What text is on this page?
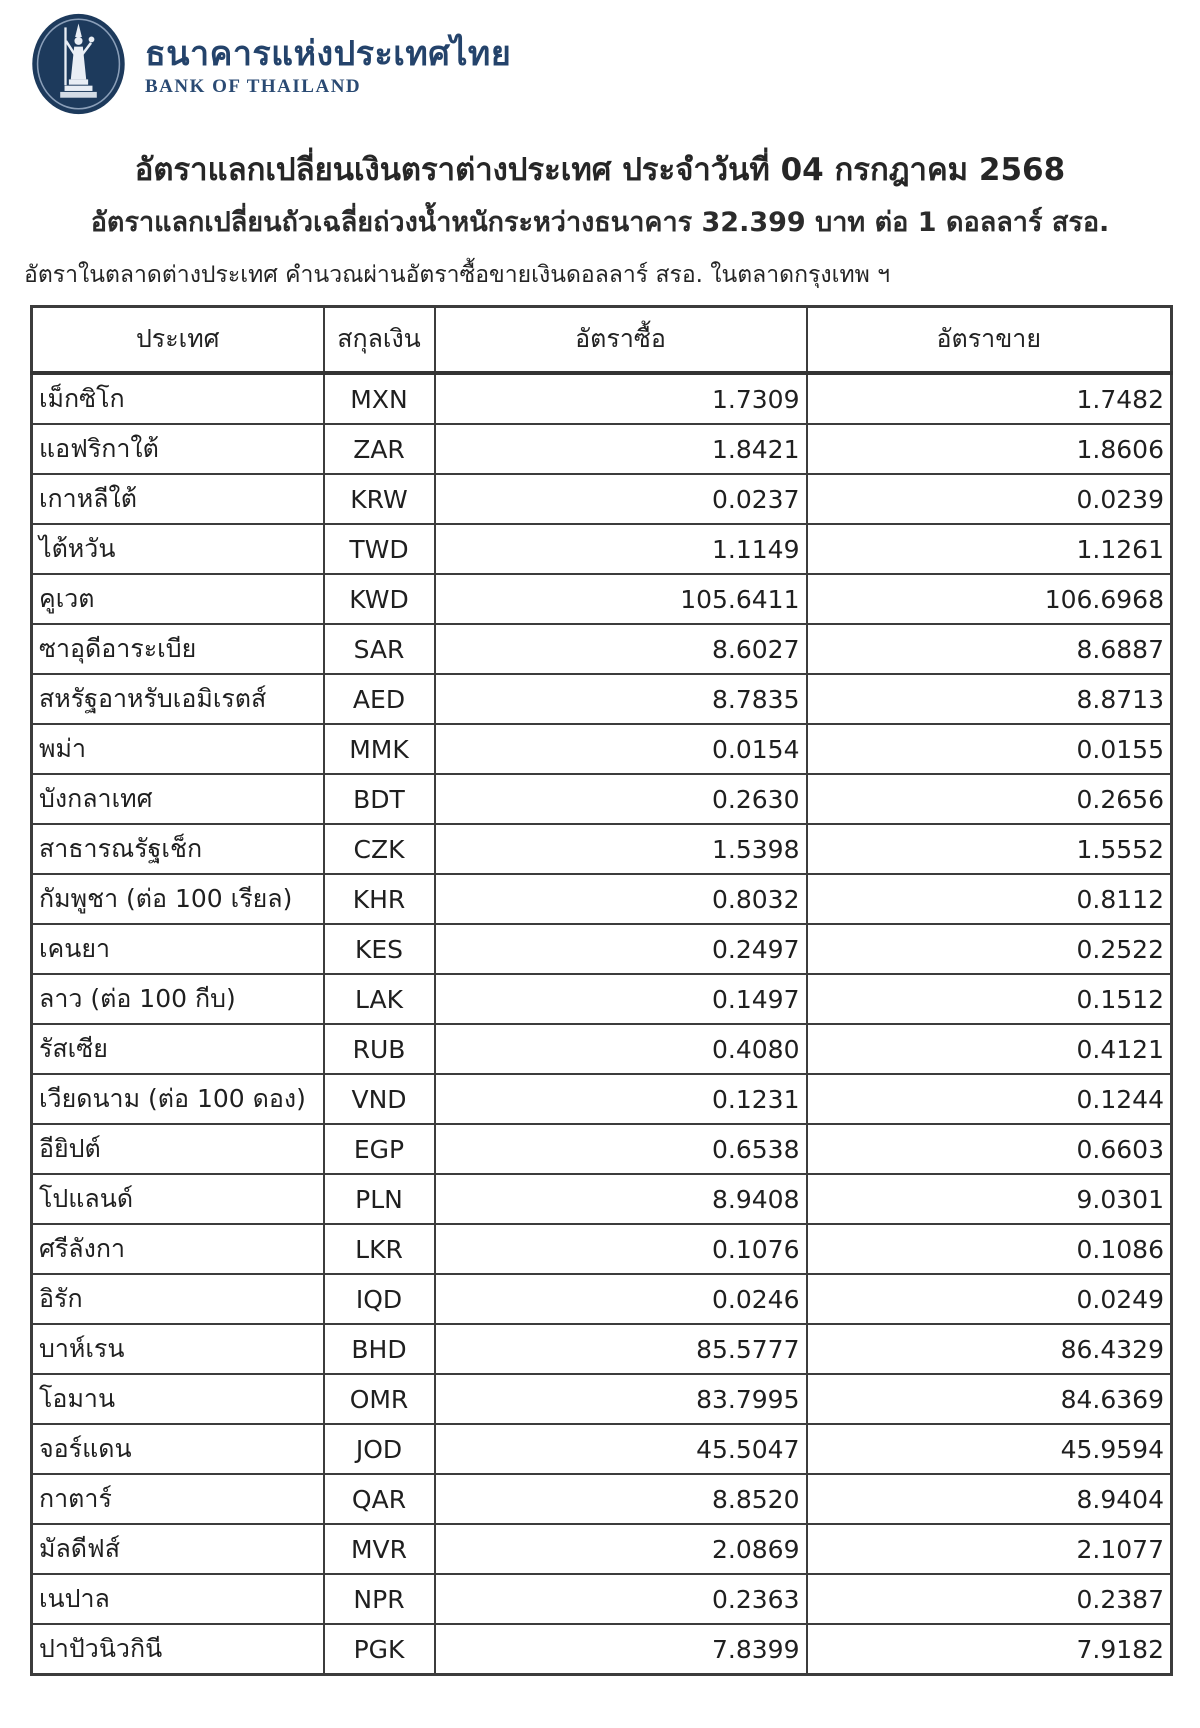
ธนาคารแห่งประเทศไทย
BANK OF THAILAND
อัตราแลกเปลี่ยนเงินตราต่างประเทศ ประจำวันที่ 04 กรกฎาคม 2568
อัตราแลกเปลี่ยนถัวเฉลี่ยถ่วงน้ำหนักระหว่างธนาคาร 32.399 บาท ต่อ 1 ดอลลาร์ สรอ.
อัตราในตลาดต่างประเทศ คำนวณผ่านอัตราซื้อขายเงินดอลลาร์ สรอ. ในตลาดกรุงเทพ ฯ
ประเทศ	สกุลเงิน	อัตราซื้อ	อัตราขาย
เม็กซิโก	MXN	1.7309	1.7482
แอฟริกาใต้	ZAR	1.8421	1.8606
เกาหลีใต้	KRW	0.0237	0.0239
ไต้หวัน	TWD	1.1149	1.1261
คูเวต	KWD	105.6411	106.6968
ซาอุดีอาระเบีย	SAR	8.6027	8.6887
สหรัฐอาหรับเอมิเรตส์	AED	8.7835	8.8713
พม่า	MMK	0.0154	0.0155
บังกลาเทศ	BDT	0.2630	0.2656
สาธารณรัฐเช็ก	CZK	1.5398	1.5552
กัมพูชา (ต่อ 100 เรียล)	KHR	0.8032	0.8112
เคนยา	KES	0.2497	0.2522
ลาว (ต่อ 100 กีบ)	LAK	0.1497	0.1512
รัสเซีย	RUB	0.4080	0.4121
เวียดนาม (ต่อ 100 ดอง)	VND	0.1231	0.1244
อียิปต์	EGP	0.6538	0.6603
โปแลนด์	PLN	8.9408	9.0301
ศรีลังกา	LKR	0.1076	0.1086
อิรัก	IQD	0.0246	0.0249
บาห์เรน	BHD	85.5777	86.4329
โอมาน	OMR	83.7995	84.6369
จอร์แดน	JOD	45.5047	45.9594
กาตาร์	QAR	8.8520	8.9404
มัลดีฟส์	MVR	2.0869	2.1077
เนปาล	NPR	0.2363	0.2387
ปาปัวนิวกินี	PGK	7.8399	7.9182
